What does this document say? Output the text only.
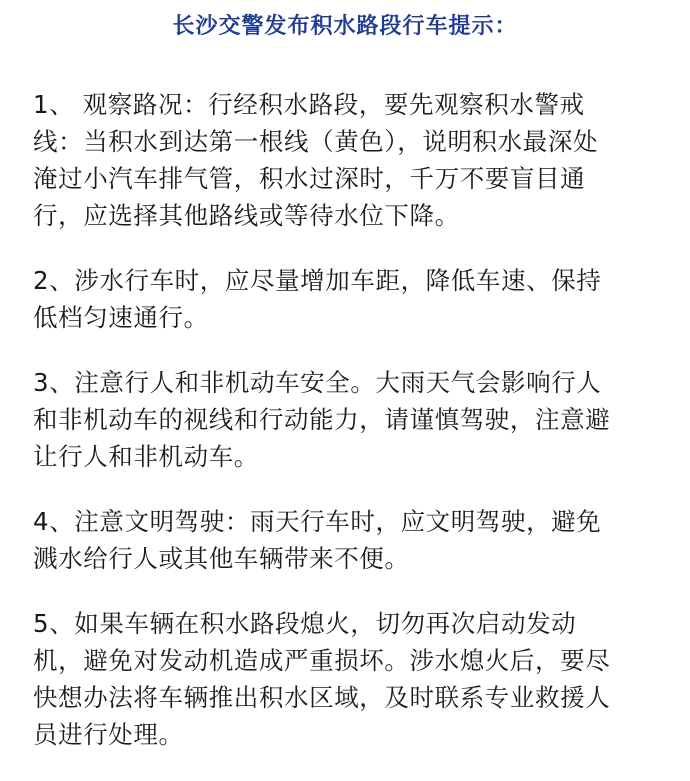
长沙交警发布积水路段行车提示：
1、 观察路况：行经积水路段，要先观察积水警戒
线：当积水到达第一根线（黄色），说明积水最深处
淹过小汽车排气管，积水过深时，千万不要盲目通
行，应选择其他路线或等待水位下降。
2、涉水行车时，应尽量增加车距，降低车速、保持
低档匀速通行。
3、注意行人和非机动车安全。大雨天气会影响行人
和非机动车的视线和行动能力，请谨慎驾驶，注意避
让行人和非机动车。
4、注意文明驾驶：雨天行车时，应文明驾驶，避免
溅水给行人或其他车辆带来不便。
5、如果车辆在积水路段熄火，切勿再次启动发动
机，避免对发动机造成严重损坏。涉水熄火后，要尽
快想办法将车辆推出积水区域，及时联系专业救援人
员进行处理。
